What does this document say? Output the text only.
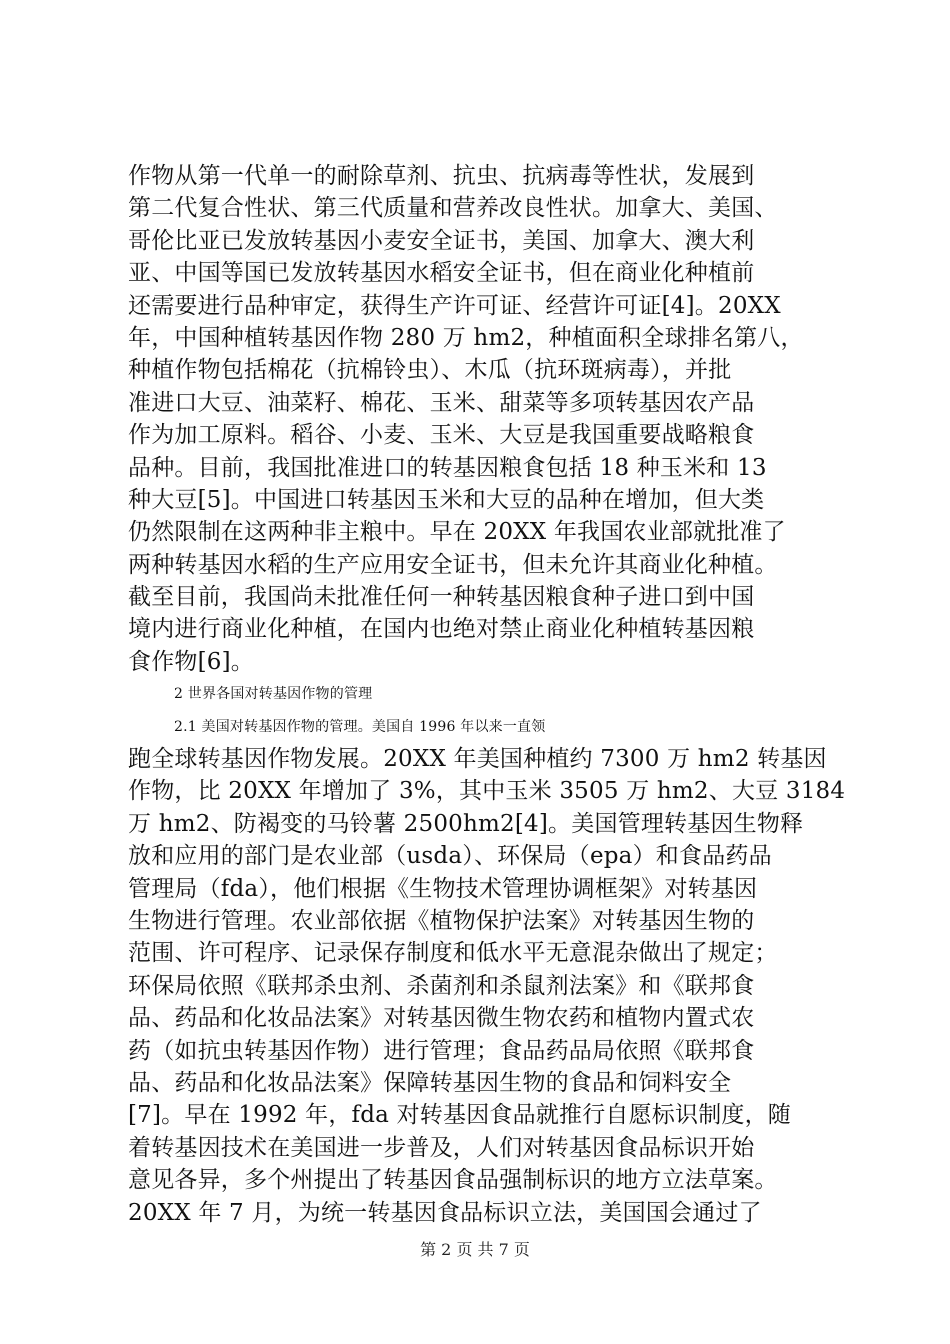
作物从第一代单一的耐除草剂、抗虫、抗病毒等性状，发展到
第二代复合性状、第三代质量和营养改良性状。加拿大、美国、
哥伦比亚已发放转基因小麦安全证书，美国、加拿大、澳大利
亚、中国等国已发放转基因水稻安全证书，但在商业化种植前
还需要进行品种审定，获得生产许可证、经营许可证[4]。20XX
年，中国种植转基因作物 280 万 hm2，种植面积全球排名第八，
种植作物包括棉花（抗棉铃虫）、木瓜（抗环斑病毒），并批
准进口大豆、油菜籽、棉花、玉米、甜菜等多项转基因农产品
作为加工原料。稻谷、小麦、玉米、大豆是我国重要战略粮食
品种。目前，我国批准进口的转基因粮食包括 18 种玉米和 13
种大豆[5]。中国进口转基因玉米和大豆的品种在增加，但大类
仍然限制在这两种非主粮中。早在 20XX 年我国农业部就批准了
两种转基因水稻的生产应用安全证书，但未允许其商业化种植。
截至目前，我国尚未批准任何一种转基因粮食种子进口到中国
境内进行商业化种植，在国内也绝对禁止商业化种植转基因粮
食作物[6]。
2 世界各国对转基因作物的管理
2.1 美国对转基因作物的管理。美国自 1996 年以来一直领
跑全球转基因作物发展。20XX 年美国种植约 7300 万 hm2 转基因
作物，比 20XX 年增加了 3%，其中玉米 3505 万 hm2、大豆 3184
万 hm2、防褐变的马铃薯 2500hm2[4]。美国管理转基因生物释
放和应用的部门是农业部（usda）、环保局（epa）和食品药品
管理局（fda），他们根据《生物技术管理协调框架》对转基因
生物进行管理。农业部依据《植物保护法案》对转基因生物的
范围、许可程序、记录保存制度和低水平无意混杂做出了规定；
环保局依照《联邦杀虫剂、杀菌剂和杀鼠剂法案》和《联邦食
品、药品和化妆品法案》对转基因微生物农药和植物内置式农
药（如抗虫转基因作物）进行管理；食品药品局依照《联邦食
品、药品和化妆品法案》保障转基因生物的食品和饲料安全
[7]。早在 1992 年，fda 对转基因食品就推行自愿标识制度，随
着转基因技术在美国进一步普及，人们对转基因食品标识开始
意见各异，多个州提出了转基因食品强制标识的地方立法草案。
20XX 年 7 月，为统一转基因食品标识立法，美国国会通过了
第 2 页 共 7 页
